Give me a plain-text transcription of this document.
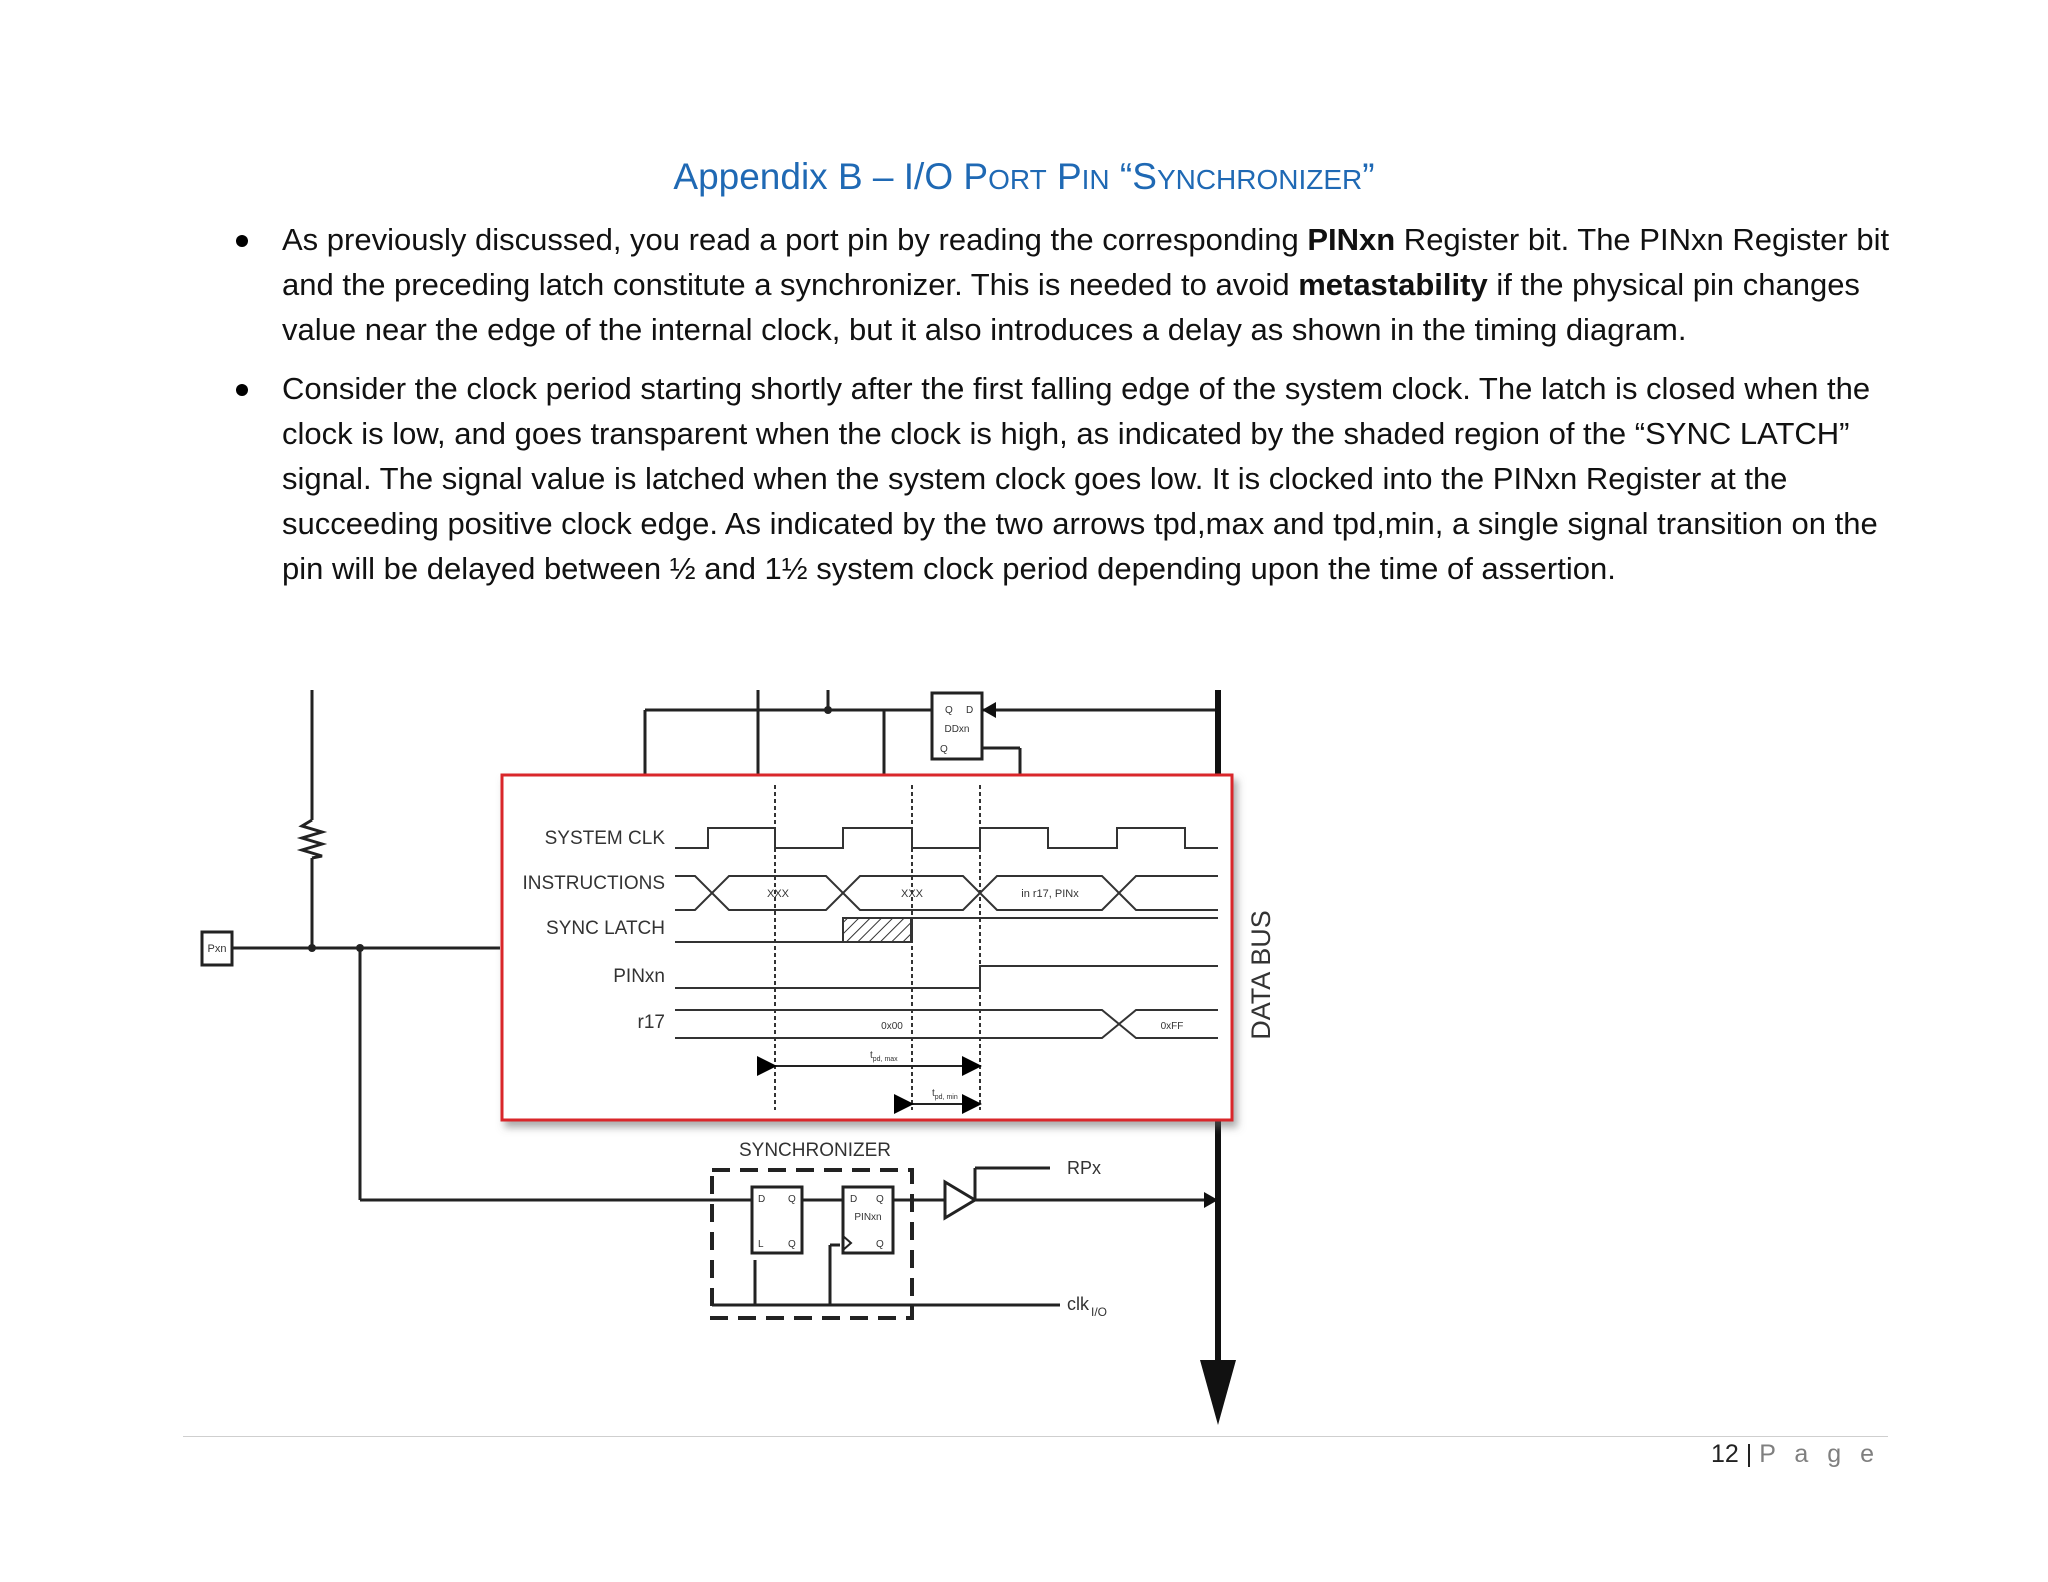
Appendix B – I/O PORT PIN “SYNCHRONIZER”
As previously discussed, you read a port pin by reading the corresponding PINxn Register bit. The PINxn Register bit and the preceding latch constitute a synchronizer. This is needed to avoid metastability if the physical pin changes value near the edge of the internal clock, but it also introduces a delay as shown in the timing diagram.
Consider the clock period starting shortly after the first falling edge of the system clock. The latch is closed when the clock is low, and goes transparent when the clock is high, as indicated by the shaded region of the “SYNC LATCH” signal. The signal value is latched when the system clock goes low. It is clocked into the PINxn Register at the succeeding positive clock edge. As indicated by the two arrows tpd,max and tpd,min, a single signal transition on the pin will be delayed between ½ and 1½ system clock period depending upon the time of assertion.
Pxn
Q D
DDxn
Q
DATA BUS
SYNCHRONIZER
D Q
L Q
D Q
PINxn
Q
RPx
clk $_{I/O}$
SYSTEM CLK
INSTRUCTIONS
SYNC LATCH
PINxn
r17
XXX	XXX	in r17, PINx
0x00	0xFF
$t_{pd, max}$
$t_{pd, min}$
12 | P a g e
